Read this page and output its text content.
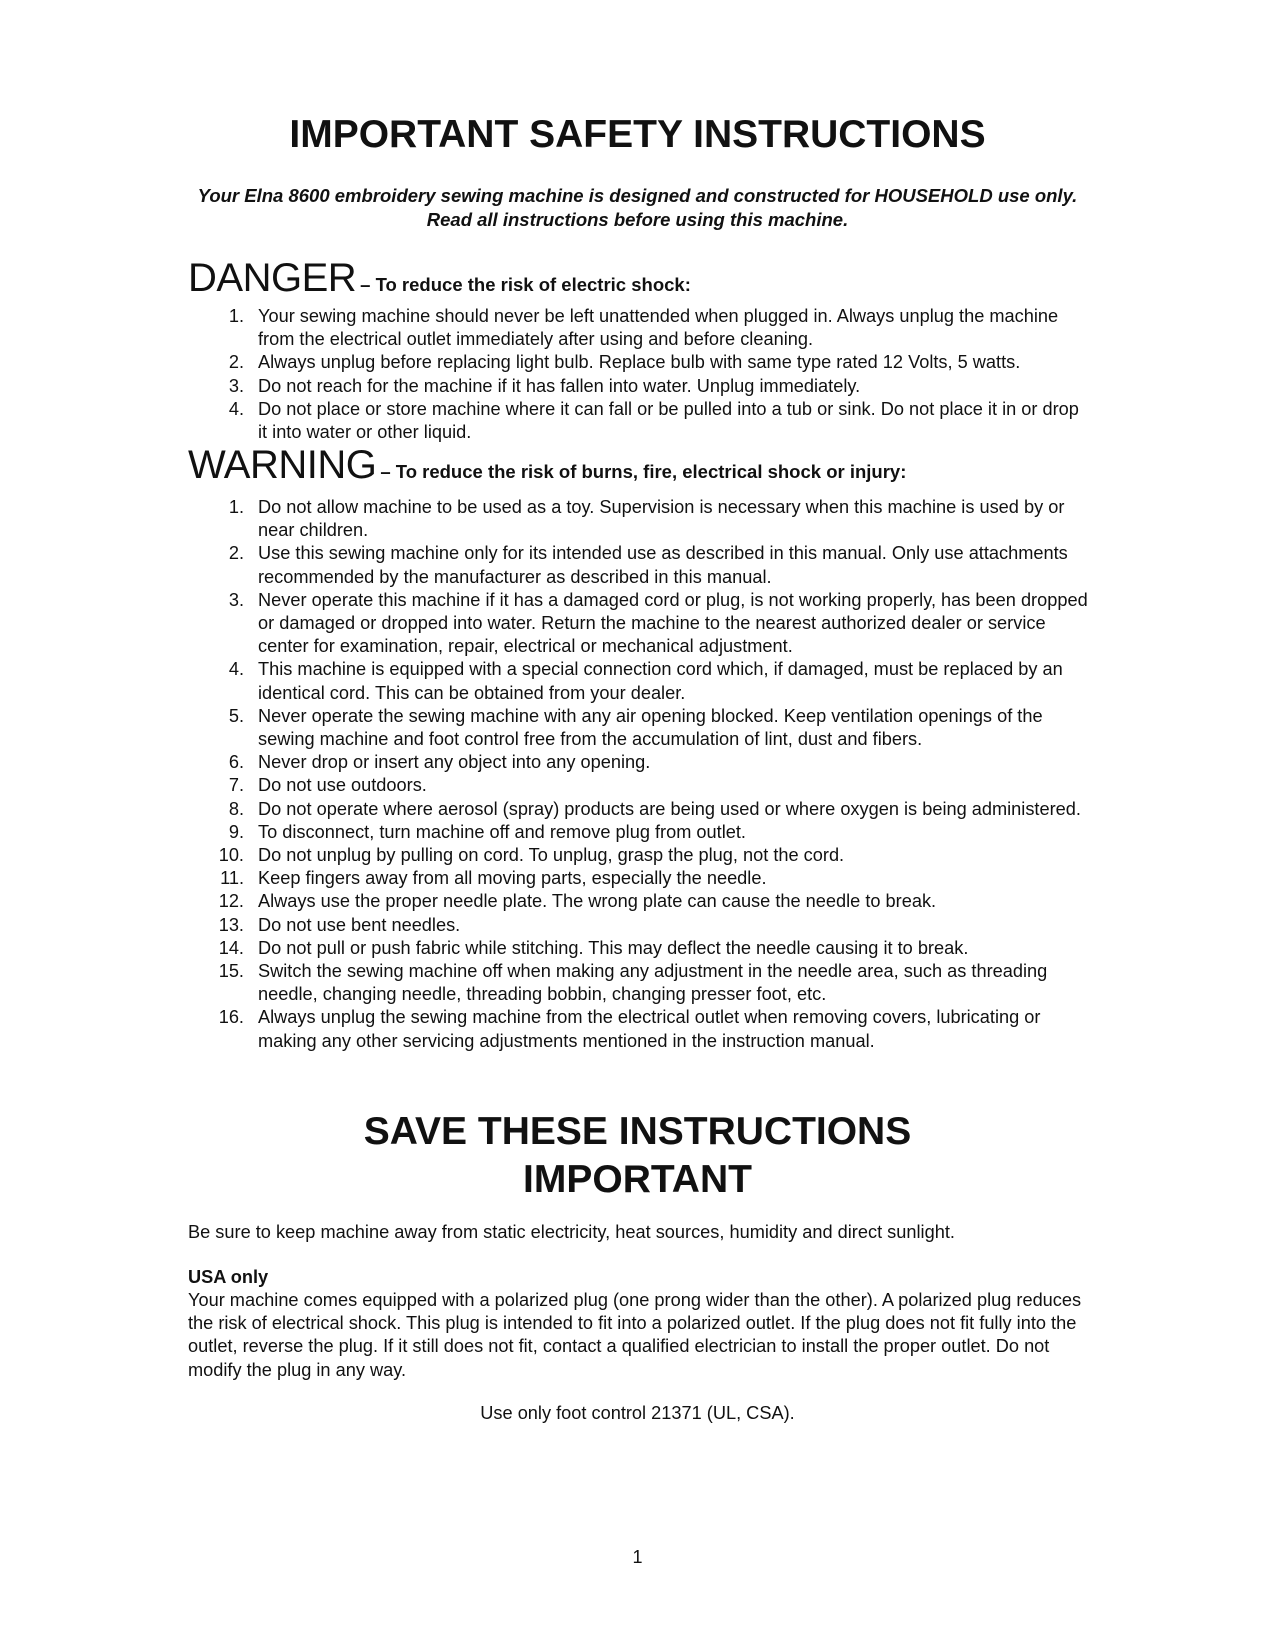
IMPORTANT SAFETY INSTRUCTIONS
Your Elna 8600 embroidery sewing machine is designed and constructed for HOUSEHOLD use only. Read all instructions before using this machine.
DANGER – To reduce the risk of electric shock:
1. Your sewing machine should never be left unattended when plugged in. Always unplug the machine from the electrical outlet immediately after using and before cleaning.
2. Always unplug before replacing light bulb. Replace bulb with same type rated 12 Volts, 5 watts.
3. Do not reach for the machine if it has fallen into water. Unplug immediately.
4. Do not place or store machine where it can fall or be pulled into a tub or sink. Do not place it in or drop it into water or other liquid.
WARNING – To reduce the risk of burns, fire, electrical shock or injury:
1. Do not allow machine to be used as a toy. Supervision is necessary when this machine is used by or near children.
2. Use this sewing machine only for its intended use as described in this manual. Only use attachments recommended by the manufacturer as described in this manual.
3. Never operate this machine if it has a damaged cord or plug, is not working properly, has been dropped or damaged or dropped into water. Return the machine to the nearest authorized dealer or service center for examination, repair, electrical or mechanical adjustment.
4. This machine is equipped with a special connection cord which, if damaged, must be replaced by an identical cord. This can be obtained from your dealer.
5. Never operate the sewing machine with any air opening blocked. Keep ventilation openings of the sewing machine and foot control free from the accumulation of lint, dust and fibers.
6. Never drop or insert any object into any opening.
7. Do not use outdoors.
8. Do not operate where aerosol (spray) products are being used or where oxygen is being administered.
9. To disconnect, turn machine off and remove plug from outlet.
10. Do not unplug by pulling on cord. To unplug, grasp the plug, not the cord.
11. Keep fingers away from all moving parts, especially the needle.
12. Always use the proper needle plate. The wrong plate can cause the needle to break.
13. Do not use bent needles.
14. Do not pull or push fabric while stitching. This may deflect the needle causing it to break.
15. Switch the sewing machine off when making any adjustment in the needle area, such as threading needle, changing needle, threading bobbin, changing presser foot, etc.
16. Always unplug the sewing machine from the electrical outlet when removing covers, lubricating or making any other servicing adjustments mentioned in the instruction manual.
SAVE THESE INSTRUCTIONS
IMPORTANT
Be sure to keep machine away from static electricity, heat sources, humidity and direct sunlight.
USA only
Your machine comes equipped with a polarized plug (one prong wider than the other). A polarized plug reduces the risk of electrical shock. This plug is intended to fit into a polarized outlet. If the plug does not fit fully into the outlet, reverse the plug. If it still does not fit, contact a qualified electrician to install the proper outlet. Do not modify the plug in any way.
Use only foot control 21371 (UL, CSA).
1
